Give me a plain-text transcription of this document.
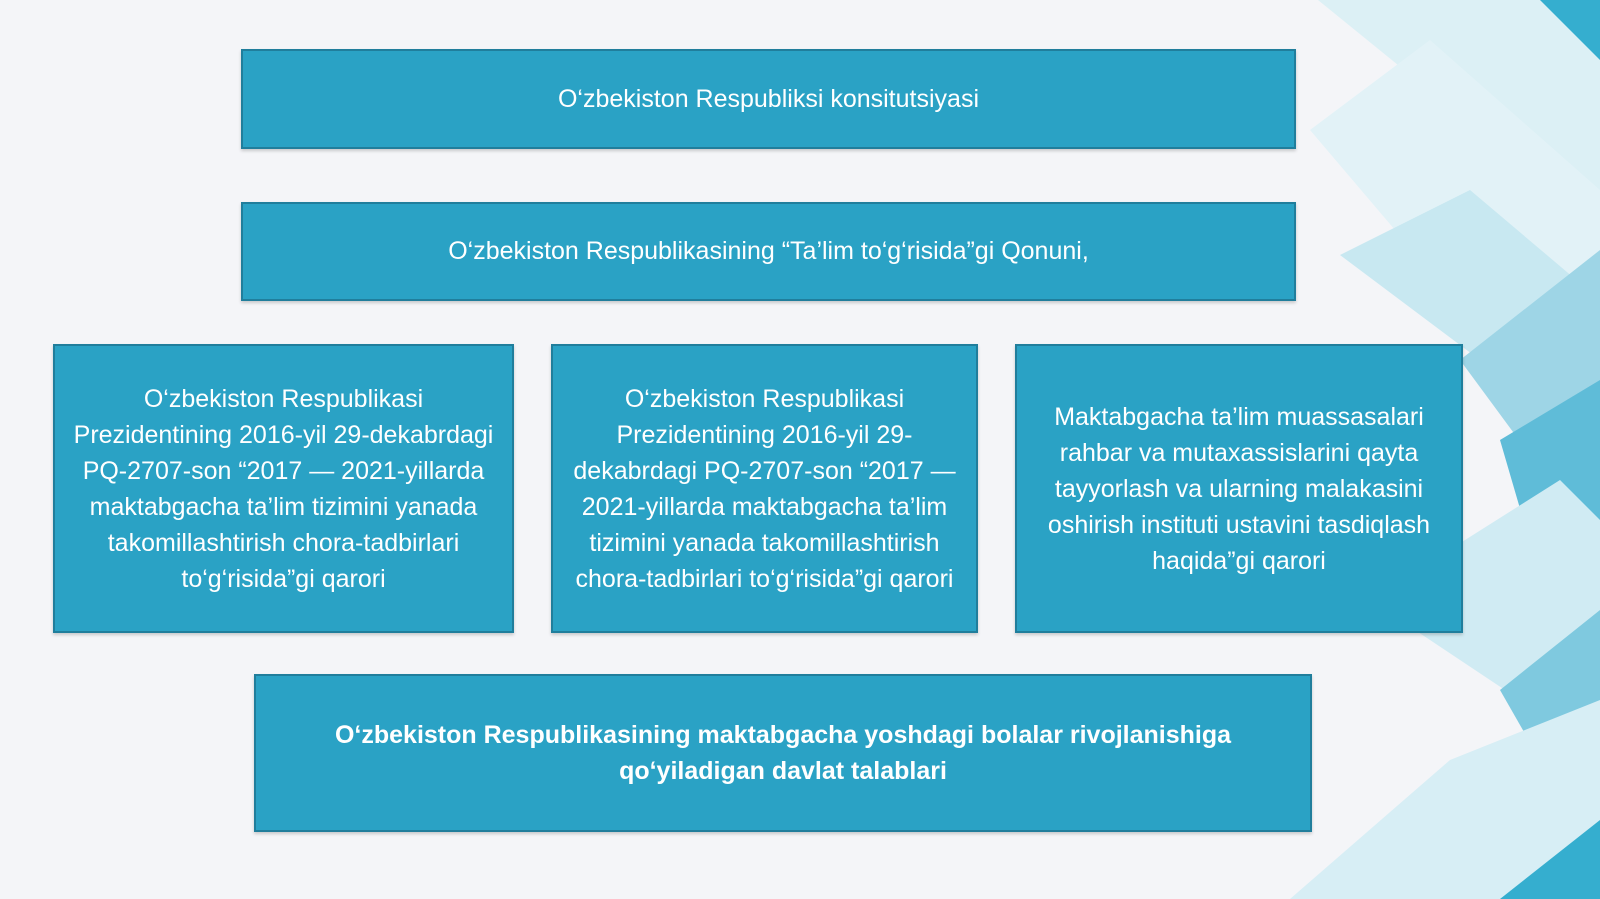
O‘zbekiston Respubliksi konsitutsiyasi
O‘zbekiston Respublikasining “Ta’lim to‘g‘risida”gi Qonuni,
O‘zbekiston Respublikasi Prezidentining 2016-yil 29-dekabrdagi PQ-2707-son “2017 — 2021-yillarda maktabgacha ta’lim tizimini yanada takomillashtirish chora-tadbirlari to‘g‘risida”gi qarori
O‘zbekiston Respublikasi Prezidentining 2016-yil 29-dekabrdagi PQ-2707-son “2017 — 2021-yillarda maktabgacha ta’lim tizimini yanada takomillashtirish chora-tadbirlari to‘g‘risida”gi qarori
Maktabgacha ta’lim muassasalari rahbar va mutaxassislarini qayta tayyorlash va ularning malakasini oshirish instituti ustavini tasdiqlash haqida”gi qarori
O‘zbekiston Respublikasining maktabgacha yoshdagi bolalar rivojlanishiga qo‘yiladigan davlat talablari
